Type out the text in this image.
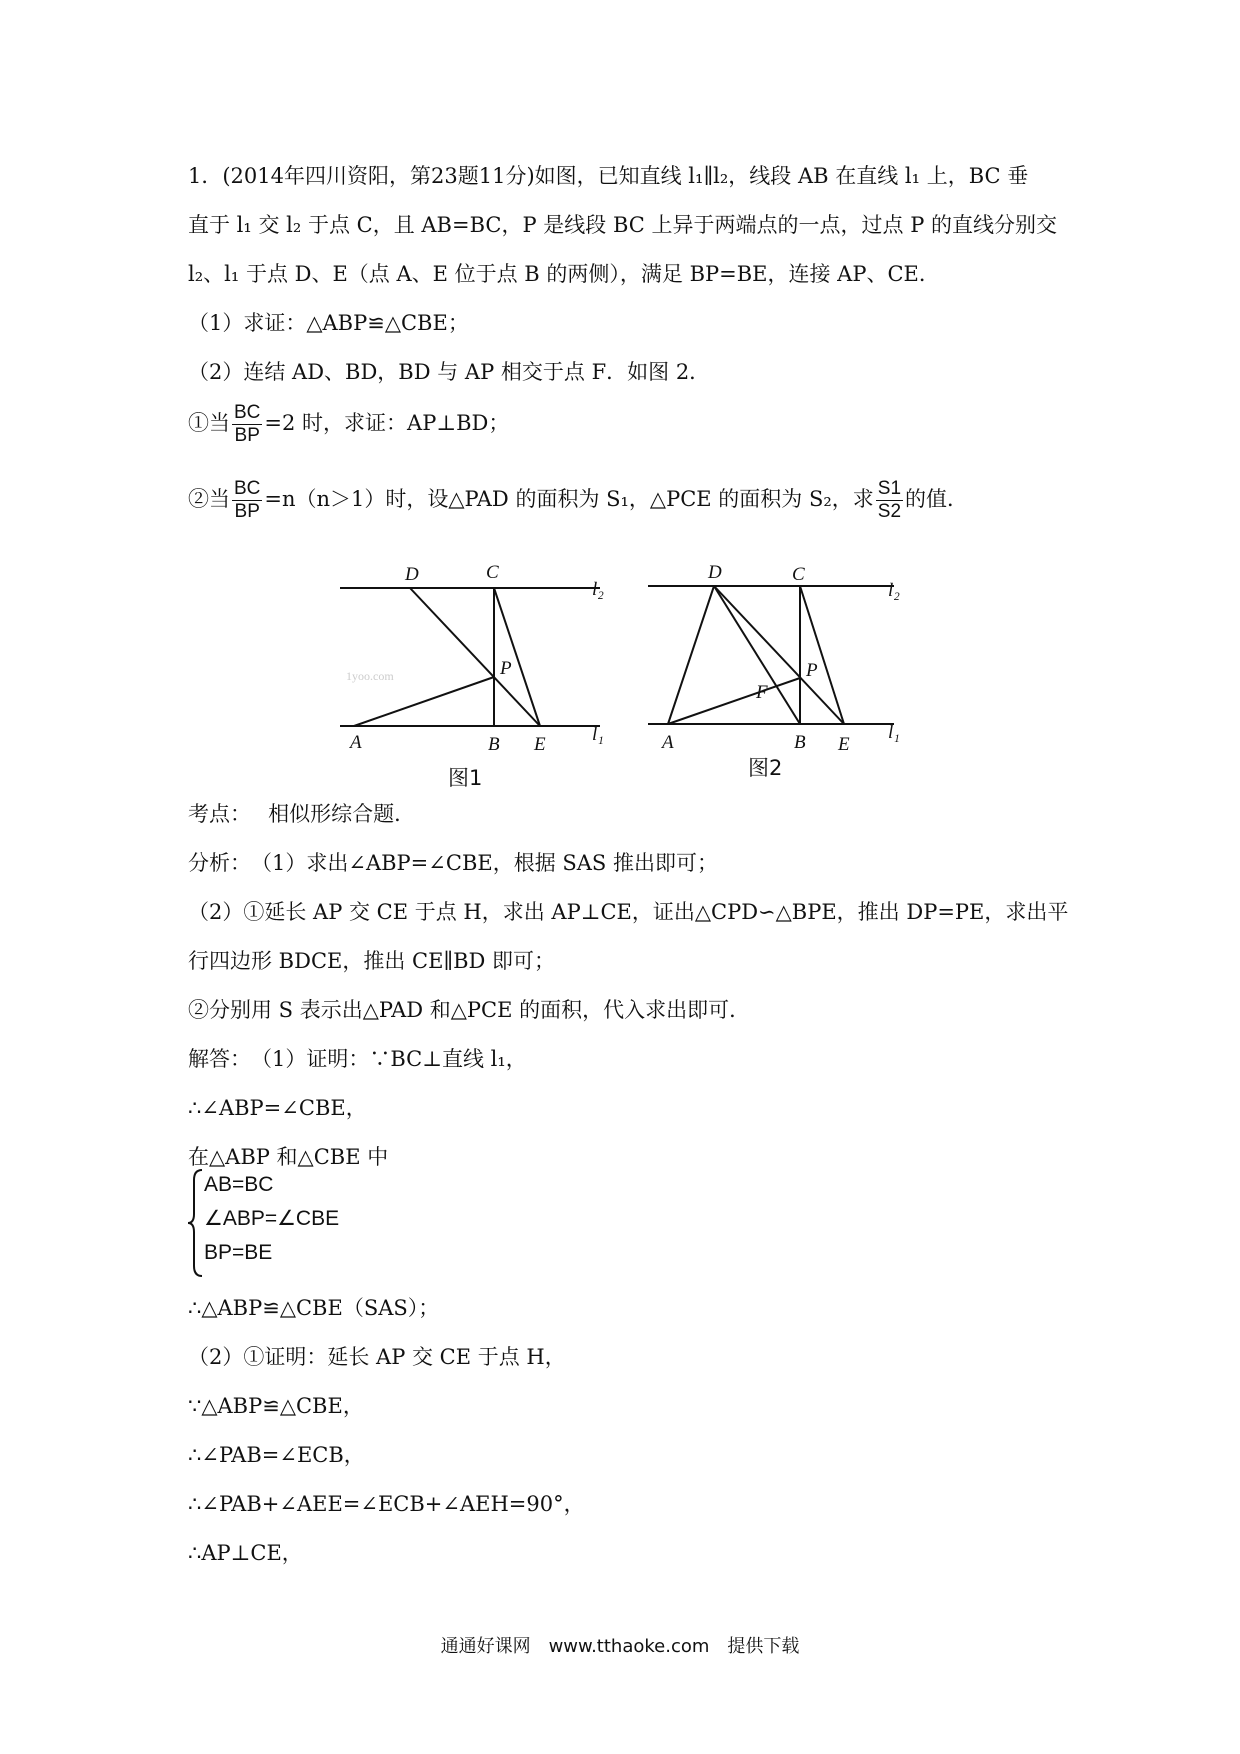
1．(2014年四川资阳，第23题11分)如图，已知直线 l₁∥l₂，线段 AB 在直线 l₁ 上，BC 垂
直于 l₁ 交 l₂ 于点 C，且 AB=BC，P 是线段 BC 上异于两端点的一点，过点 P 的直线分别交
l₂、l₁ 于点 D、E（点 A、E 位于点 B 的两侧），满足 BP=BE，连接 AP、CE．
（1）求证：△ABP≌△CBE；
（2）连结 AD、BD，BD 与 AP 相交于点 F．如图 2．
①当 $\frac{BC}{BP} =2$ 时，求证：AP⊥BD；
②当 $\frac{BC}{BP} =n(n>1)$时，设△PAD 的面积为 S₁，△PCE 的面积为 S₂，求 $\frac{S1}{S2}$ 的值．
D	C
l₂
P
A	B E l₁
1yoo.com
图1
D	C
l₂
P
F
A	B E
l₁
图2
考点：　 相似形综合题．
分析：　（1）求出∠ABP=∠CBE，根据 SAS 推出即可；
（2）①延长 AP 交 CE 于点 H，求出 AP⊥CE，证出△CPD∽△BPE，推出 DP=PE，求出平
行四边形 BDCE，推出 CE∥BD 即可；
②分别用 S 表示出△PAD 和△PCE 的面积，代入求出即可．
解答：　（1）证明：∵BC⊥直线 l₁，
∴∠ABP=∠CBE，
在△ABP 和△CBE 中
AB=BC
∠ABP=∠CBE
BP=BE
∴△ABP≌△CBE（SAS）；
（2）①证明：延长 AP 交 CE 于点 H，
∵△ABP≌△CBE，
∴∠PAB=∠ECB，
∴∠PAB+∠AEE=∠ECB+∠AEH=90°，
∴AP⊥CE，
通通好课网　www.tthaoke.com　提供下载
